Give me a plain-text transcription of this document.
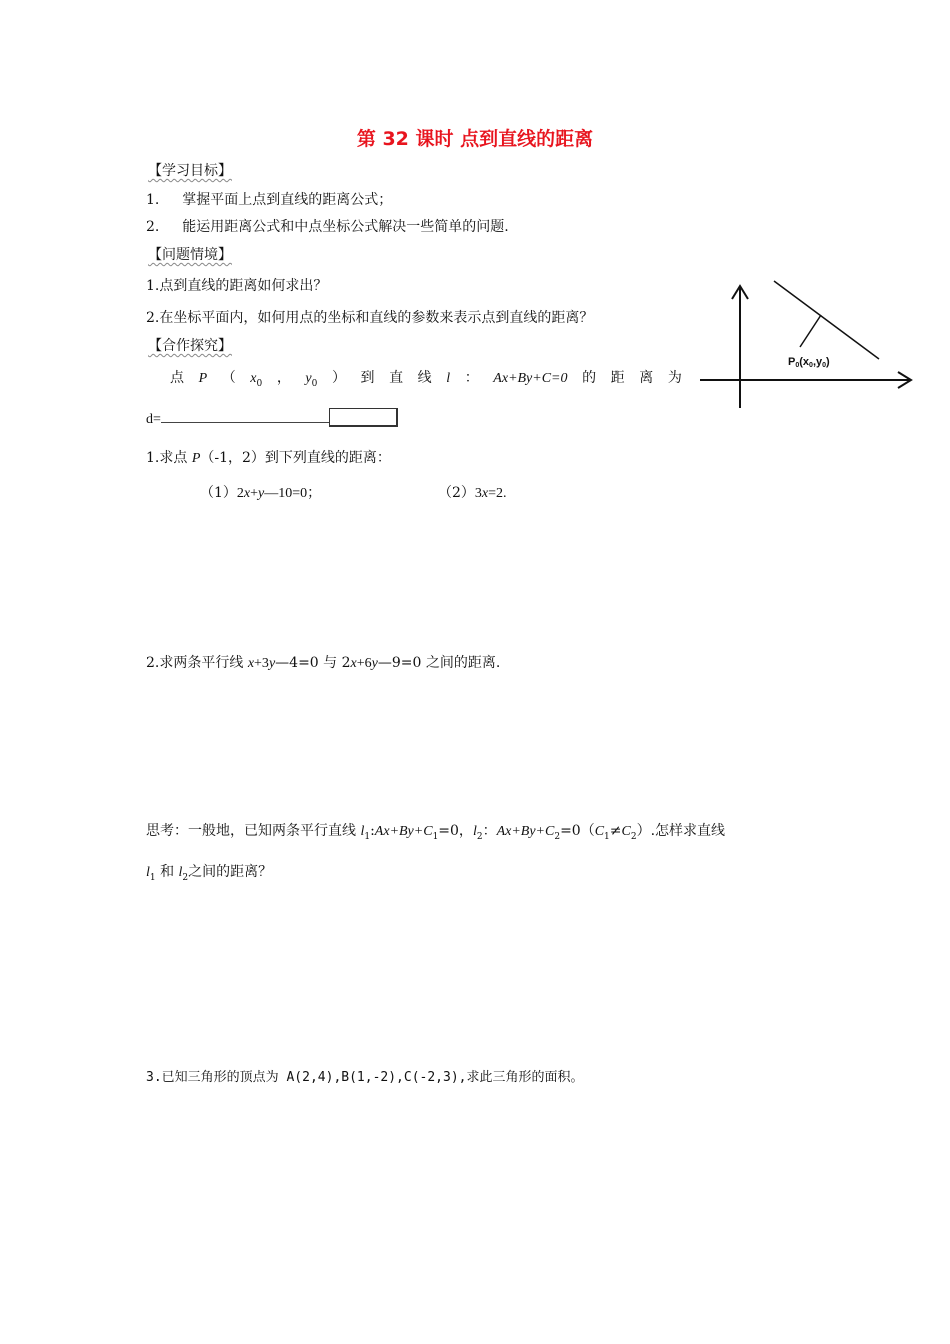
第 32 课时 点到直线的距离
【学习目标】
1. 掌握平面上点到直线的距离公式；
2. 能运用距离公式和中点坐标公式解决一些简单的问题.
【问题情境】
1.点到直线的距离如何求出？
2.在坐标平面内，如何用点的坐标和直线的参数来表示点到直线的距离？
【合作探究】
点 P （ $x_0$ ， $y_0$ ） 到 直 线 l ： Ax+By+C=0 的 距 离 为
d=
P0(x0,y0)
1.求点 P（-1，2）到下列直线的距离：
（1）2x+y—10=0；	（2）3x=2.
2.求两条平行线 x+3y—4=0 与 2x+6y—9=0 之间的距离.
思考：一般地，已知两条平行直线 $l_1:Ax+By+C_1=0$，$l_2$：$Ax+By+C_2=0(C_1\ne C_2)$.怎样求直线
$l_1$ 和 $l_2$之间的距离？
3.已知三角形的顶点为 A(2,4),B(1,-2),C(-2,3),求此三角形的面积。
